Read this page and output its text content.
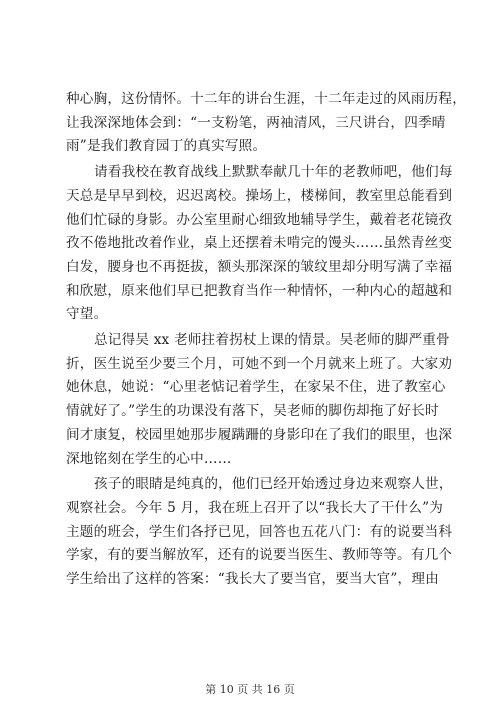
种心胸，这份情怀。十二年的讲台生涯，十二年走过的风雨历程，
让我深深地体会到：“一支粉笔，两袖清风，三尺讲台，四季晴
雨”是我们教育园丁的真实写照。

请看我校在教育战线上默默奉献几十年的老教师吧，他们每
天总是早早到校，迟迟离校。操场上，楼梯间，教室里总能看到
他们忙碌的身影。办公室里耐心细致地辅导学生，戴着老花镜孜
孜不倦地批改着作业，桌上还摆着未啃完的馒头……虽然青丝变
白发，腰身也不再挺拔，额头那深深的皱纹里却分明写满了幸福
和欣慰，原来他们早已把教育当作一种情怀，一种内心的超越和
守望。

总记得吴 xx 老师拄着拐杖上课的情景。吴老师的脚严重骨
折，医生说至少要三个月，可她不到一个月就来上班了。大家劝
她休息，她说：“心里老惦记着学生，在家呆不住，进了教室心
情就好了。”学生的功课没有落下，吴老师的脚伤却拖了好长时
间才康复，校园里她那步履蹒跚的身影印在了我们的眼里，也深
深地铭刻在学生的心中……

孩子的眼睛是纯真的，他们已经开始透过身边来观察人世，
观察社会。今年 5 月，我在班上召开了以“我长大了干什么”为
主题的班会，学生们各抒已见，回答也五花八门：有的说要当科
学家，有的要当解放军，还有的说要当医生、教师等等。有几个
学生给出了这样的答案：“我长大了要当官，要当大官”，理由

第 10 页 共 16 页
